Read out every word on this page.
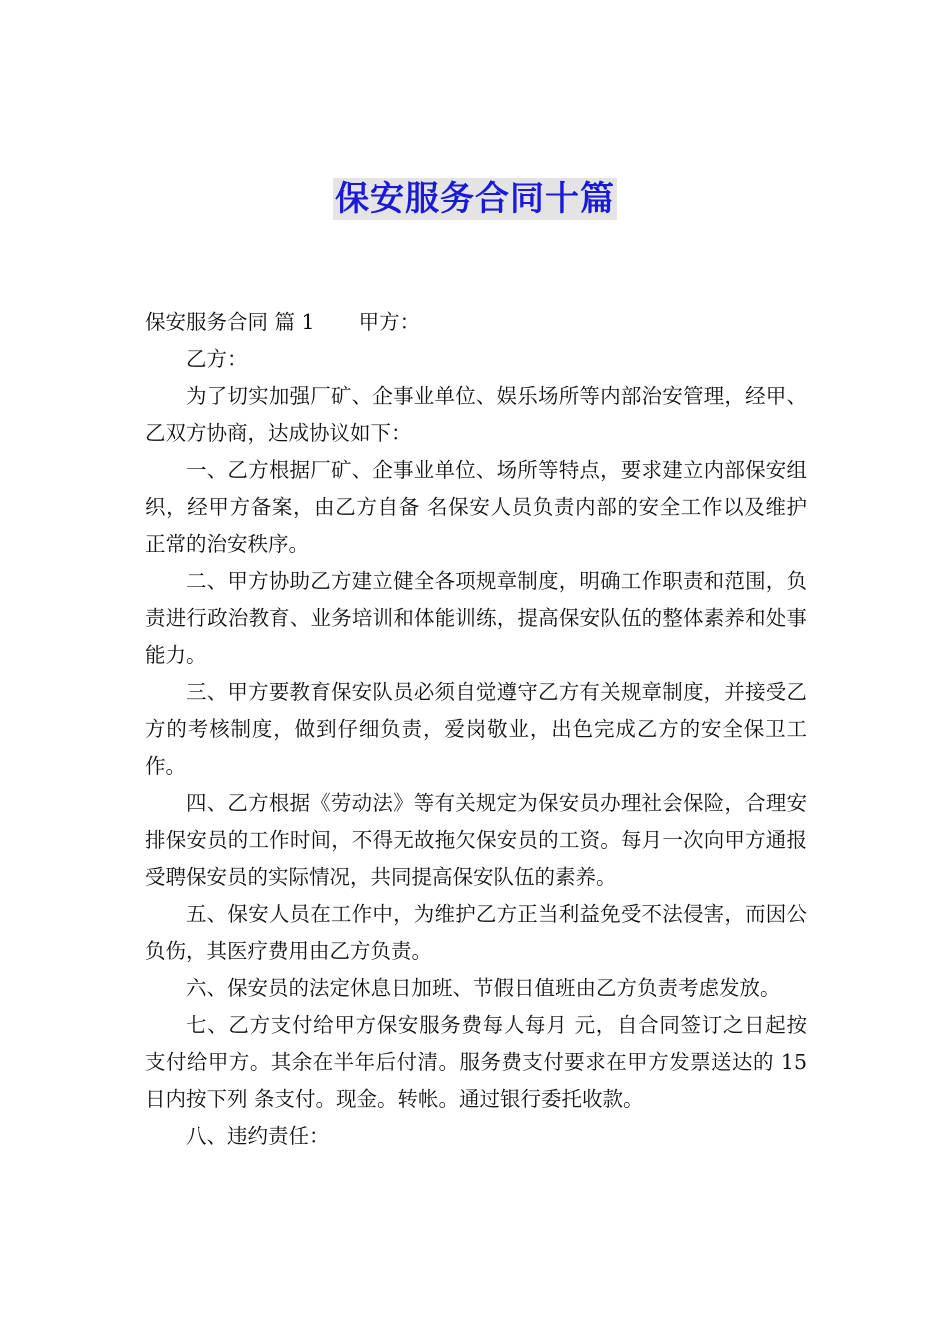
保安服务合同十篇

保安服务合同 篇 1 甲方：

乙方：

为了切实加强厂矿、企事业单位、娱乐场所等内部治安管理，经甲、乙双方协商，达成协议如下：

一、乙方根据厂矿、企事业单位、场所等特点，要求建立内部保安组织，经甲方备案，由乙方自备 名保安人员负责内部的安全工作以及维护正常的治安秩序。

二、甲方协助乙方建立健全各项规章制度，明确工作职责和范围，负责进行政治教育、业务培训和体能训练，提高保安队伍的整体素养和处事能力。

三、甲方要教育保安队员必须自觉遵守乙方有关规章制度，并接受乙方的考核制度，做到仔细负责，爱岗敬业，出色完成乙方的安全保卫工作。

四、乙方根据《劳动法》等有关规定为保安员办理社会保险，合理安排保安员的工作时间，不得无故拖欠保安员的工资。每月一次向甲方通报受聘保安员的实际情况，共同提高保安队伍的素养。

五、保安人员在工作中，为维护乙方正当利益免受不法侵害，而因公负伤，其医疗费用由乙方负责。

六、保安员的法定休息日加班、节假日值班由乙方负责考虑发放。

七、乙方支付给甲方保安服务费每人每月 元，自合同签订之日起按 支付给甲方。其余在半年后付清。服务费支付要求在甲方发票送达的 15 日内按下列 条支付。现金。转帐。通过银行委托收款。

八、违约责任：
